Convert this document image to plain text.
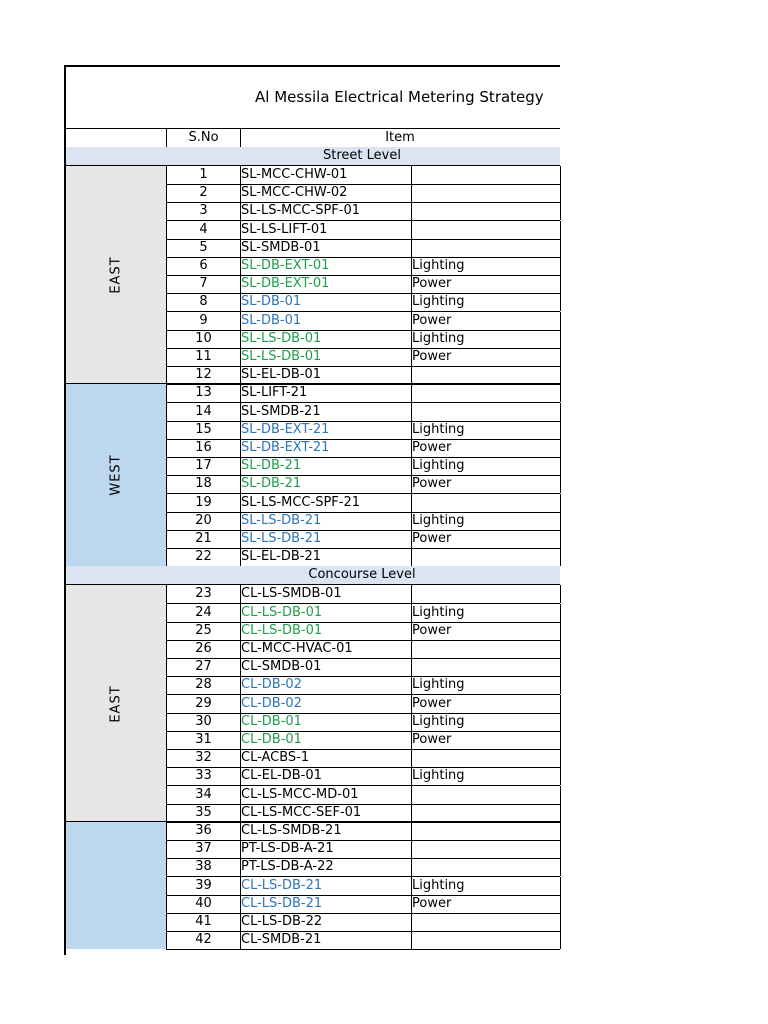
Al Messila Electrical Metering Strategy
S.No	Item
Street Level
EAST
1	SL-MCC-CHW-01
2	SL-MCC-CHW-02
3	SL-LS-MCC-SPF-01
4	SL-LS-LIFT-01
5	SL-SMDB-01
6	SL-DB-EXT-01	Lighting
7	SL-DB-EXT-01	Power
8	SL-DB-01	Lighting
9	SL-DB-01	Power
10	SL-LS-DB-01	Lighting
11	SL-LS-DB-01	Power
12	SL-EL-DB-01
WEST
13	SL-LIFT-21
14	SL-SMDB-21
15	SL-DB-EXT-21	Lighting
16	SL-DB-EXT-21	Power
17	SL-DB-21	Lighting
18	SL-DB-21	Power
19	SL-LS-MCC-SPF-21
20	SL-LS-DB-21	Lighting
21	SL-LS-DB-21	Power
22	SL-EL-DB-21
Concourse Level
EAST
23	CL-LS-SMDB-01
24	CL-LS-DB-01	Lighting
25	CL-LS-DB-01	Power
26	CL-MCC-HVAC-01
27	CL-SMDB-01
28	CL-DB-02	Lighting
29	CL-DB-02	Power
30	CL-DB-01	Lighting
31	CL-DB-01	Power
32	CL-ACBS-1
33	CL-EL-DB-01	Lighting
34	CL-LS-MCC-MD-01
35	CL-LS-MCC-SEF-01
36	CL-LS-SMDB-21
37	PT-LS-DB-A-21
38	PT-LS-DB-A-22
39	CL-LS-DB-21	Lighting
40	CL-LS-DB-21	Power
41	CL-LS-DB-22
42	CL-SMDB-21
